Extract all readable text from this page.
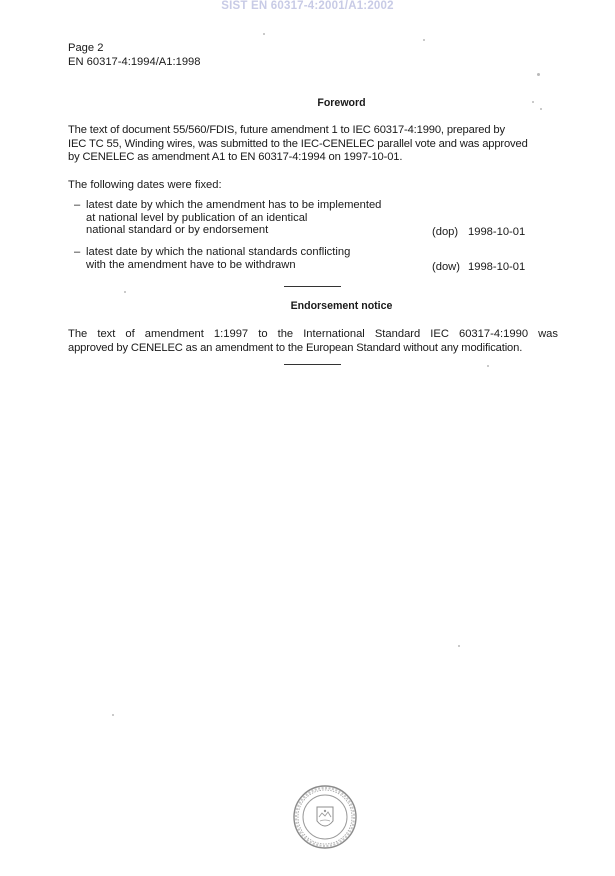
SIST EN 60317-4:2001/A1:2002
Page 2
EN 60317-4:1994/A1:1998
Foreword
The text of document 55/560/FDIS, future amendment 1 to IEC 60317-4:1990, prepared by
IEC TC 55, Winding wires, was submitted to the IEC-CENELEC parallel vote and was approved
by CENELEC as amendment A1 to EN 60317-4:1994 on 1997-10-01.
The following dates were fixed:
– latest date by which the amendment has to be implemented
at national level by publication of an identical
national standard or by endorsement	(dop) 1998-10-01
– latest date by which the national standards conflicting
with the amendment have to be withdrawn	(dow) 1998-10-01
Endorsement notice
The text of amendment 1:1997 to the International Standard IEC 60317-4:1990 was
approved by CENELEC as an amendment to the European Standard without any modification.
